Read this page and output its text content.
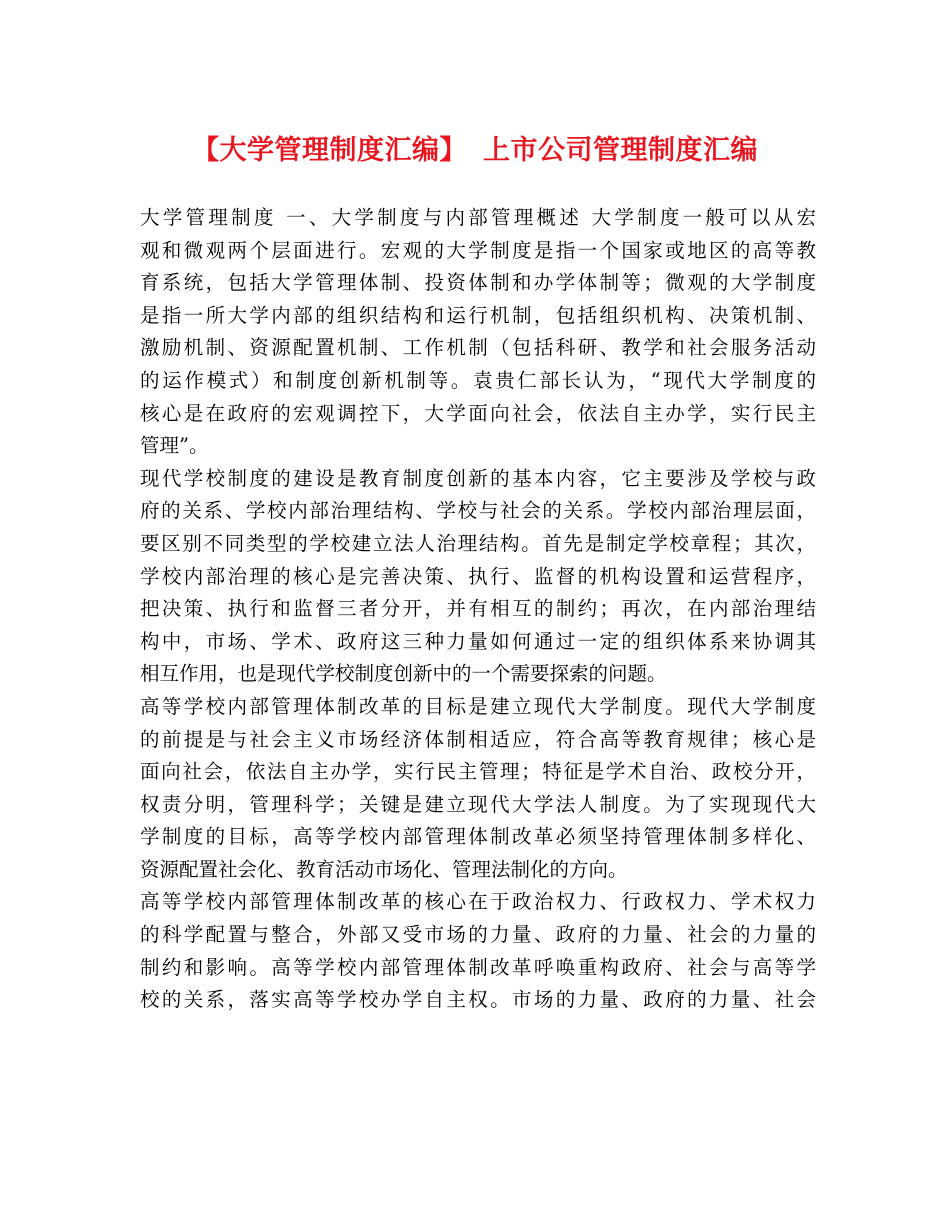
【大学管理制度汇编】 上市公司管理制度汇编
大学管理制度 一、大学制度与内部管理概述 大学制度一般可以从宏
观和微观两个层面进行。宏观的大学制度是指一个国家或地区的高等教
育系统，包括大学管理体制、投资体制和办学体制等；微观的大学制度
是指一所大学内部的组织结构和运行机制，包括组织机构、决策机制、
激励机制、资源配置机制、工作机制（包括科研、教学和社会服务活动
的运作模式）和制度创新机制等。袁贵仁部长认为，“现代大学制度的
核心是在政府的宏观调控下，大学面向社会，依法自主办学，实行民主
管理”。
现代学校制度的建设是教育制度创新的基本内容，它主要涉及学校与政
府的关系、学校内部治理结构、学校与社会的关系。学校内部治理层面，
要区别不同类型的学校建立法人治理结构。首先是制定学校章程；其次，
学校内部治理的核心是完善决策、执行、监督的机构设置和运营程序，
把决策、执行和监督三者分开，并有相互的制约；再次，在内部治理结
构中，市场、学术、政府这三种力量如何通过一定的组织体系来协调其
相互作用，也是现代学校制度创新中的一个需要探索的问题。
高等学校内部管理体制改革的目标是建立现代大学制度。现代大学制度
的前提是与社会主义市场经济体制相适应，符合高等教育规律；核心是
面向社会，依法自主办学，实行民主管理；特征是学术自治、政校分开，
权责分明，管理科学；关键是建立现代大学法人制度。为了实现现代大
学制度的目标，高等学校内部管理体制改革必须坚持管理体制多样化、
资源配置社会化、教育活动市场化、管理法制化的方向。
高等学校内部管理体制改革的核心在于政治权力、行政权力、学术权力
的科学配置与整合，外部又受市场的力量、政府的力量、社会的力量的
制约和影响。高等学校内部管理体制改革呼唤重构政府、社会与高等学
校的关系，落实高等学校办学自主权。市场的力量、政府的力量、社会
